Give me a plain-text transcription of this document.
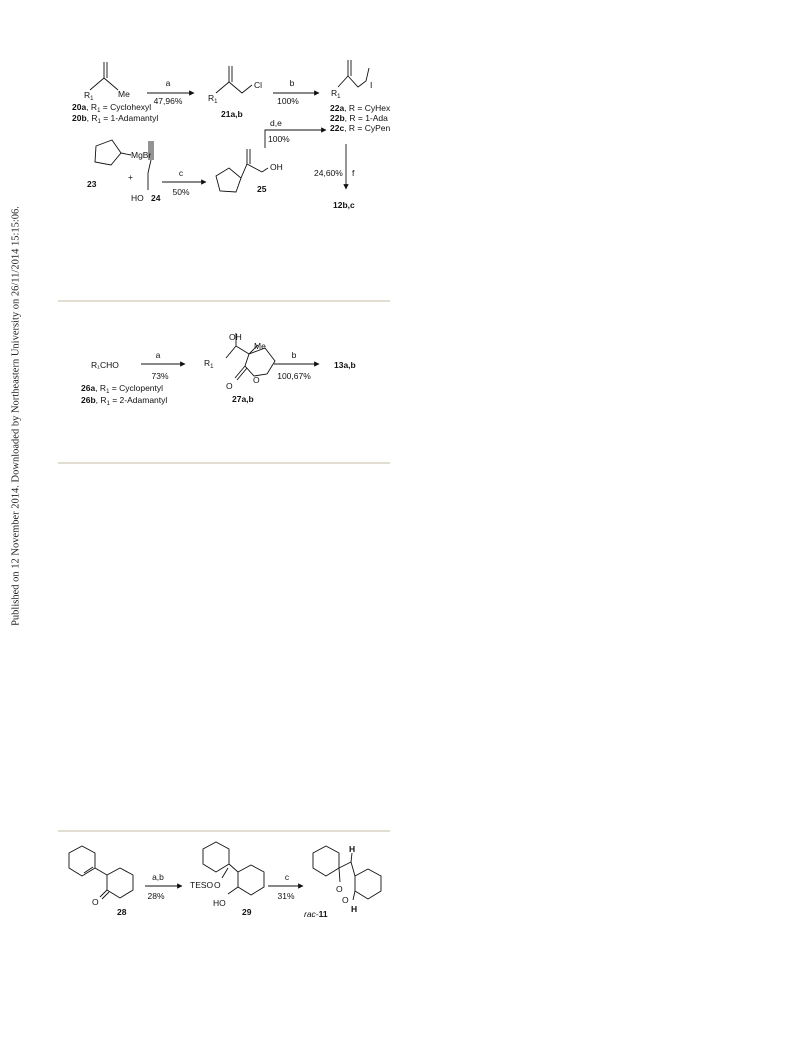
Published on 12 November 2014. Downloaded by Northeastern University on 26/11/2014 15:15:06.
$R_1$	Me
20a, $R_1$ = Cyclohexyl
20b, $R_1$ = 1-Adamantyl
a
47,96%	$R_1$
Cl
21a,b
b
100%
$R_1$
I
22a, R = CyHex
22b, R = 1-Ada
22c, R = CyPen
d,e
100%
MgBr
23
+
HO 24
c
50%
OH
25
24,60% f
12b,c
R₁CHO
a
73%
26a, $R_1$ = Cyclopentyl
26b, $R_1$ = 2-Adamantyl
OH
Me
$R_1$
O
O
27a,b
b
100,67%
13a,b
O
28
a,b
28%
TESO O
HO
29
c
31%
O
O
H
H
rac-11
